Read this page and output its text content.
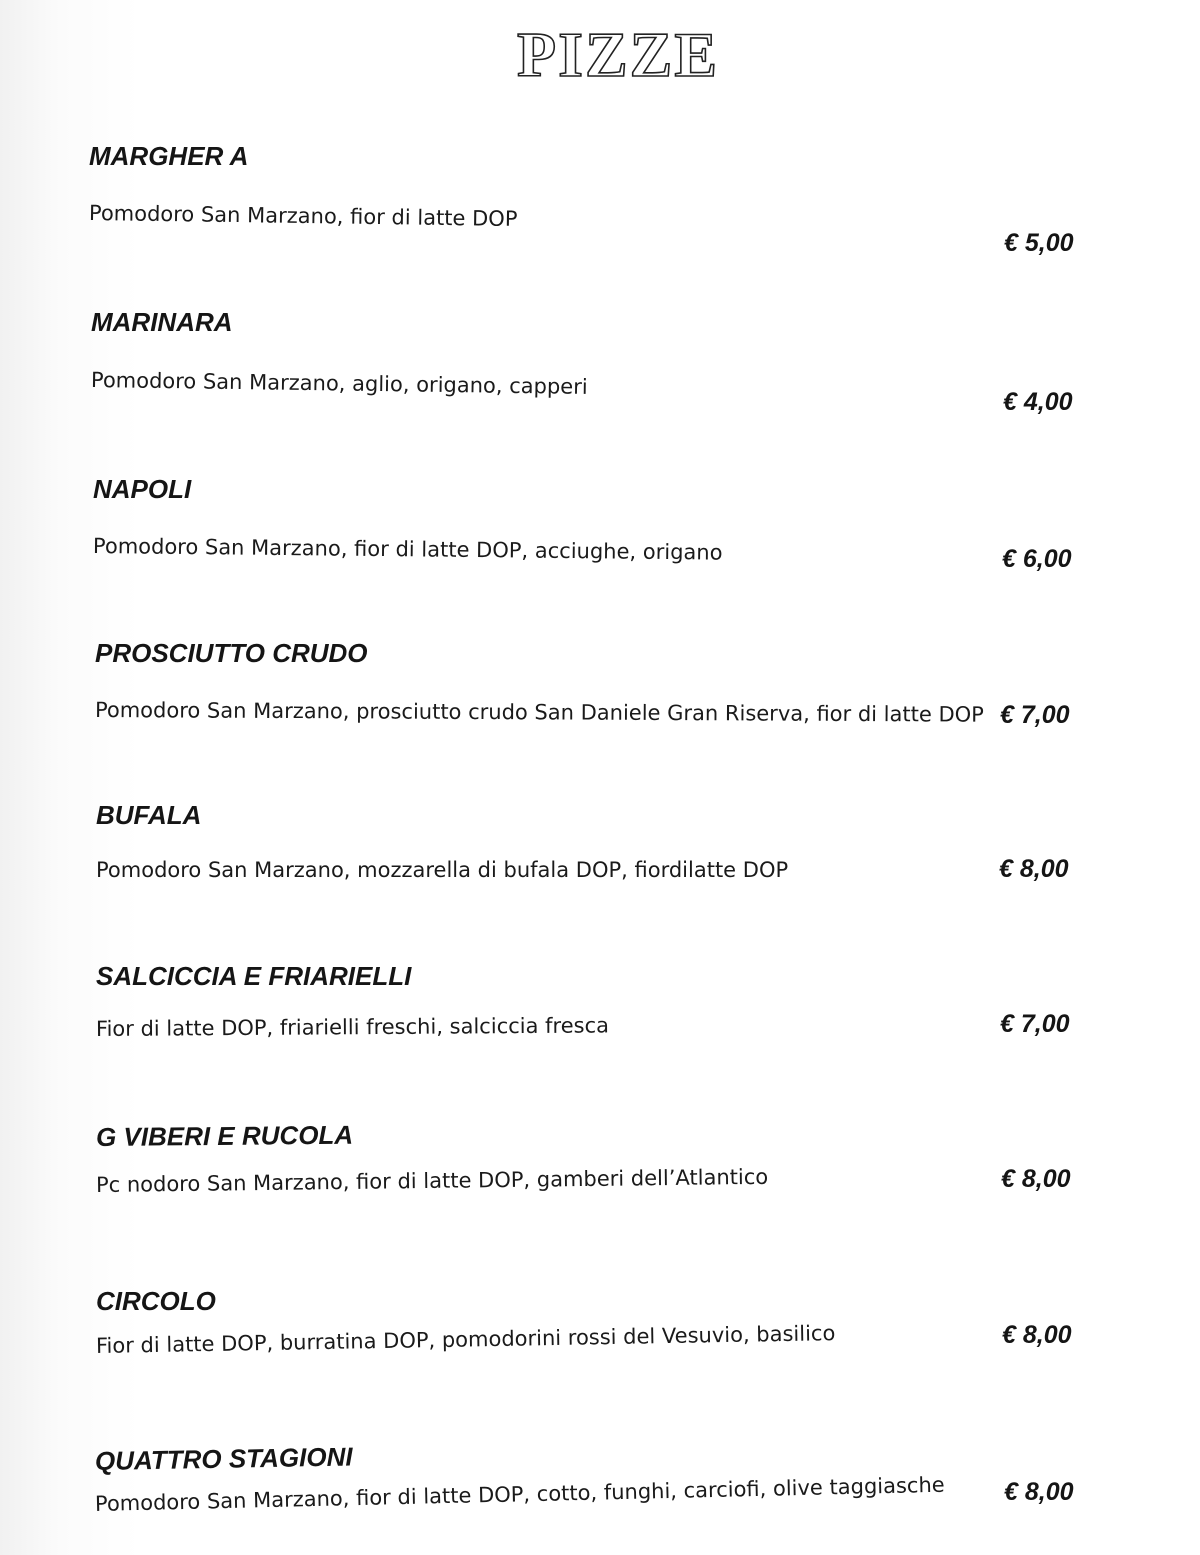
PIZZE
MARGHER A
Pomodoro San Marzano, fior di latte DOP
€ 5,00
MARINARA
Pomodoro San Marzano, aglio, origano, capperi
€ 4,00
NAPOLI
Pomodoro San Marzano, fior di latte DOP, acciughe, origano	€ 6,00
PROSCIUTTO CRUDO
Pomodoro San Marzano, prosciutto crudo San Daniele Gran Riserva, fior di latte DOP € 7,00
BUFALA
Pomodoro San Marzano, mozzarella di bufala DOP, fiordilatte DOP	€ 8,00
SALCICCIA E FRIARIELLI
Fior di latte DOP, friarielli freschi, salciccia fresca	€ 7,00
G VIBERI E RUCOLA
Pc nodoro San Marzano, fior di latte DOP, gamberi dell’Atlantico	€ 8,00
CIRCOLO
Fior di latte DOP, burratina DOP, pomodorini rossi del Vesuvio, basilico	€ 8,00
QUATTRO STAGIONI
Pomodoro San Marzano, fior di latte DOP, cotto, funghi, carciofi, olive taggiasche € 8,00
